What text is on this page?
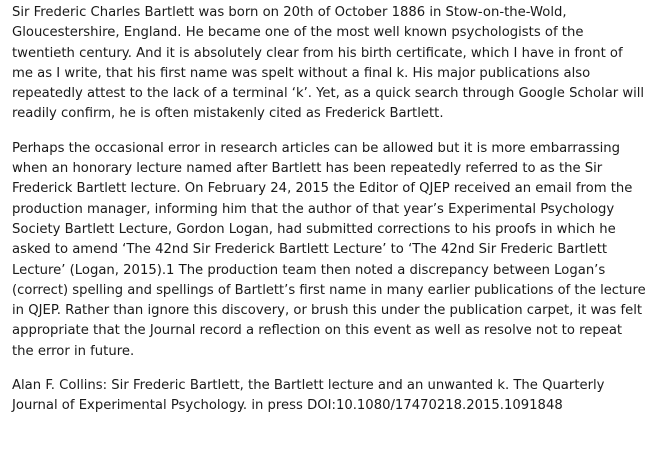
Sir Frederic Charles Bartlett was born on 20th of October 1886 in Stow-on-the-Wold,
Gloucestershire, England. He became one of the most well known psychologists of the
twentieth century. And it is absolutely clear from his birth certificate, which I have in front of
me as I write, that his first name was spelt without a final k. His major publications also
repeatedly attest to the lack of a terminal ‘k’. Yet, as a quick search through Google Scholar will
readily confirm, he is often mistakenly cited as Frederick Bartlett.
Perhaps the occasional error in research articles can be allowed but it is more embarrassing
when an honorary lecture named after Bartlett has been repeatedly referred to as the Sir
Frederick Bartlett lecture. On February 24, 2015 the Editor of QJEP received an email from the
production manager, informing him that the author of that year’s Experimental Psychology
Society Bartlett Lecture, Gordon Logan, had submitted corrections to his proofs in which he
asked to amend ‘The 42nd Sir Frederick Bartlett Lecture’ to ‘The 42nd Sir Frederic Bartlett
Lecture’ (Logan, 2015).1 The production team then noted a discrepancy between Logan’s
(correct) spelling and spellings of Bartlett’s first name in many earlier publications of the lecture
in QJEP. Rather than ignore this discovery, or brush this under the publication carpet, it was felt
appropriate that the Journal record a reflection on this event as well as resolve not to repeat
the error in future.
Alan F. Collins: Sir Frederic Bartlett, the Bartlett lecture and an unwanted k. The Quarterly
Journal of Experimental Psychology. in press DOI:10.1080/17470218.2015.1091848
